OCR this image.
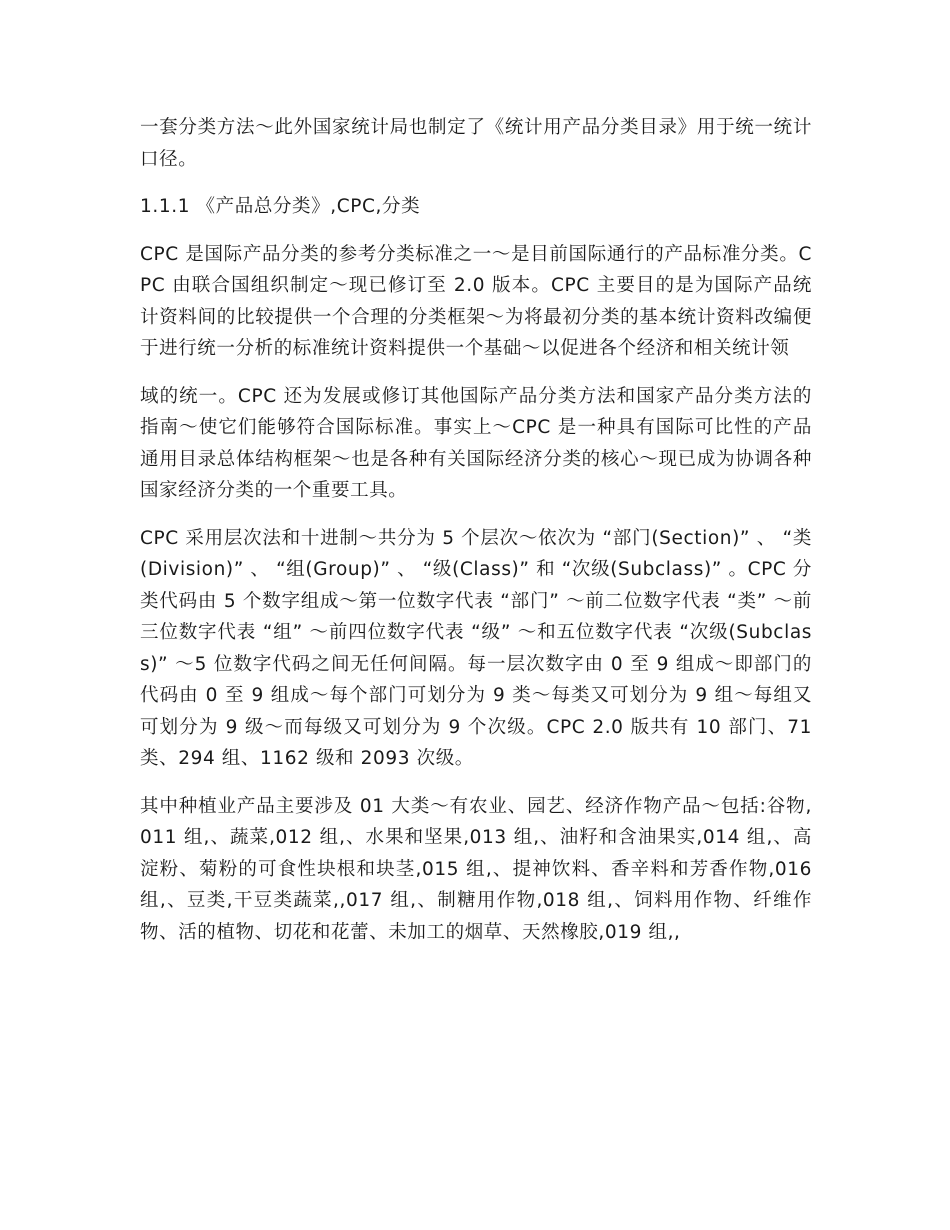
一套分类方法～此外国家统计局也制定了《统计用产品分类目录》用于统一统计口径。

1.1.1 《产品总分类》,CPC,分类

CPC 是国际产品分类的参考分类标准之一～是目前国际通行的产品标准分类。CPC 由联合国组织制定～现已修订至 2.0 版本。CPC 主要目的是为国际产品统计资料间的比较提供一个合理的分类框架～为将最初分类的基本统计资料改编便于进行统一分析的标准统计资料提供一个基础～以促进各个经济和相关统计领

域的统一。CPC 还为发展或修订其他国际产品分类方法和国家产品分类方法的指南～使它们能够符合国际标准。事实上～CPC 是一种具有国际可比性的产品通用目录总体结构框架～也是各种有关国际经济分类的核心～现已成为协调各种国家经济分类的一个重要工具。

CPC 采用层次法和十进制～共分为 5 个层次～依次为 “部门(Section)” 、 “类(Division)” 、 “组(Group)” 、 “级(Class)” 和 “次级(Subclass)” 。CPC 分类代码由 5 个数字组成～第一位数字代表 “部门” ～前二位数字代表 “类” ～前三位数字代表 “组” ～前四位数字代表 “级” ～和五位数字代表 “次级(Subclass)” ～5 位数字代码之间无任何间隔。每一层次数字由 0 至 9 组成～即部门的代码由 0 至 9 组成～每个部门可划分为 9 类～每类又可划分为 9 组～每组又可划分为 9 级～而每级又可划分为 9 个次级。CPC 2.0 版共有 10 部门、71 类、294 组、1162 级和 2093 次级。

其中种植业产品主要涉及 01 大类～有农业、园艺、经济作物产品～包括:谷物,011 组,、蔬菜,012 组,、水果和坚果,013 组,、油籽和含油果实,014 组,、高淀粉、菊粉的可食性块根和块茎,015 组,、提神饮料、香辛料和芳香作物,016 组,、豆类,干豆类蔬菜,,017 组,、制糖用作物,018 组,、饲料用作物、纤维作物、活的植物、切花和花蕾、未加工的烟草、天然橡胶,019 组,,
